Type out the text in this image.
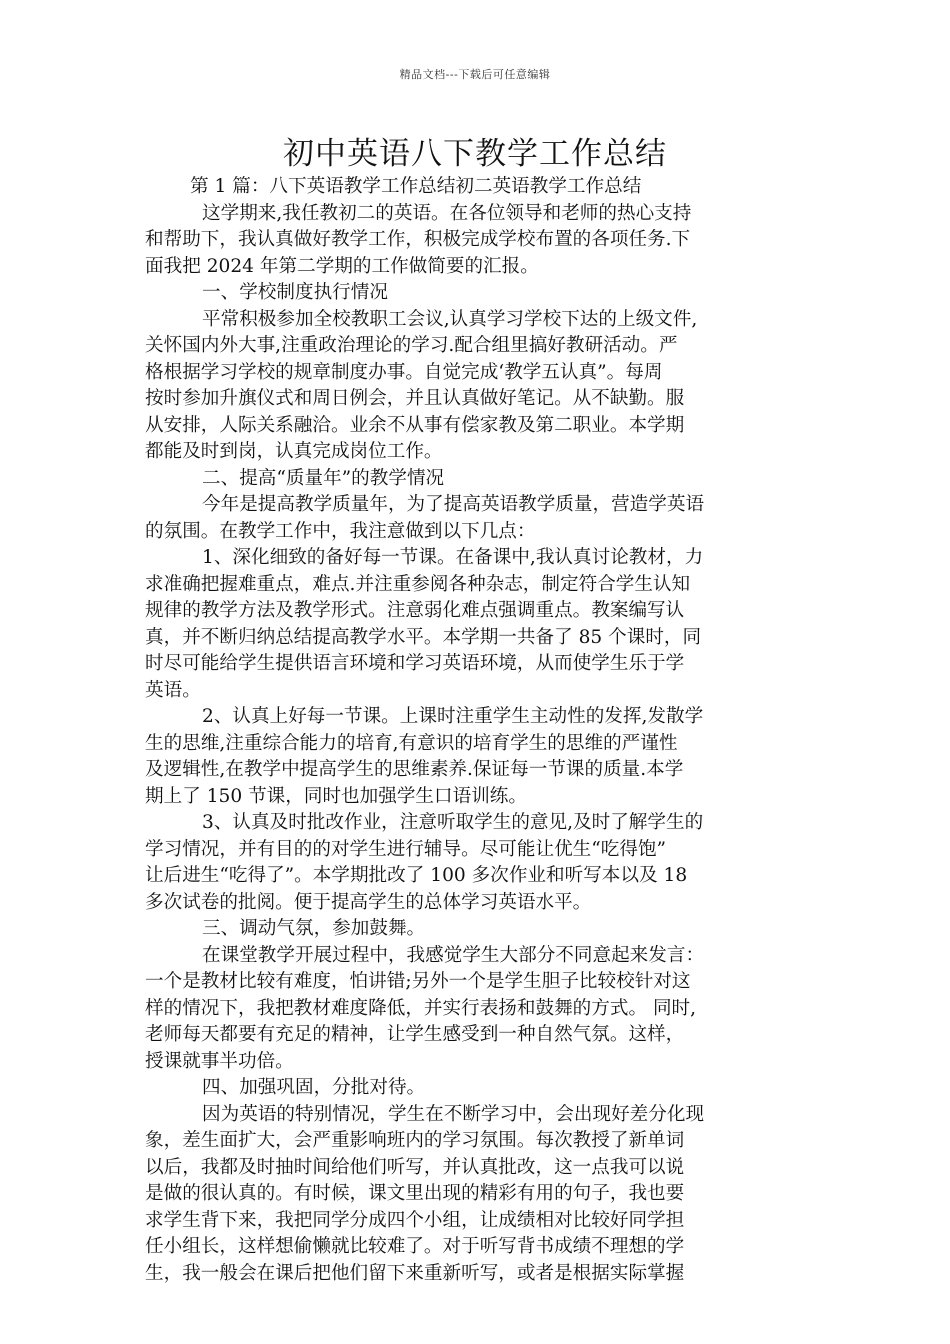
精品文档---下载后可任意编辑
初中英语八下教学工作总结
第 1 篇：八下英语教学工作总结初二英语教学工作总结
这学期来,我任教初二的英语。在各位领导和老师的热心支持
和帮助下，我认真做好教学工作，积极完成学校布置的各项任务.下
面我把 2024 年第二学期的工作做简要的汇报。
一、学校制度执行情况
平常积极参加全校教职工会议,认真学习学校下达的上级文件,
关怀国内外大事,注重政治理论的学习.配合组里搞好教研活动。严
格根据学习学校的规章制度办事。自觉完成‘教学五认真”。每周
按时参加升旗仪式和周日例会，并且认真做好笔记。从不缺勤。服
从安排，人际关系融洽。业余不从事有偿家教及第二职业。本学期
都能及时到岗，认真完成岗位工作。
二、提高“质量年”的教学情况
今年是提高教学质量年，为了提高英语教学质量，营造学英语
的氛围。在教学工作中，我注意做到以下几点：
1、深化细致的备好每一节课。在备课中,我认真讨论教材，力
求准确把握难重点，难点.并注重参阅各种杂志，制定符合学生认知
规律的教学方法及教学形式。注意弱化难点强调重点。教案编写认
真，并不断归纳总结提高教学水平。本学期一共备了 85 个课时，同
时尽可能给学生提供语言环境和学习英语环境，从而使学生乐于学
英语。
2、认真上好每一节课。上课时注重学生主动性的发挥,发散学
生的思维,注重综合能力的培育,有意识的培育学生的思维的严谨性
及逻辑性,在教学中提高学生的思维素养.保证每一节课的质量.本学
期上了 150 节课，同时也加强学生口语训练。
3、认真及时批改作业，注意听取学生的意见,及时了解学生的
学习情况，并有目的的对学生进行辅导。尽可能让优生“吃得饱”
让后进生“吃得了”。本学期批改了 100 多次作业和听写本以及 18
多次试卷的批阅。便于提高学生的总体学习英语水平。
三、调动气氛，参加鼓舞。
在课堂教学开展过程中，我感觉学生大部分不同意起来发言：
一个是教材比较有难度，怕讲错;另外一个是学生胆子比较校针对这
样的情况下，我把教材难度降低，并实行表扬和鼓舞的方式。 同时,
老师每天都要有充足的精神，让学生感受到一种自然气氛。这样，
授课就事半功倍。
四、加强巩固，分批对待。
因为英语的特别情况，学生在不断学习中，会出现好差分化现
象，差生面扩大，会严重影响班内的学习氛围。每次教授了新单词
以后，我都及时抽时间给他们听写，并认真批改，这一点我可以说
是做的很认真的。有时候，课文里出现的精彩有用的句子，我也要
求学生背下来，我把同学分成四个小组，让成绩相对比较好同学担
任小组长，这样想偷懒就比较难了。对于听写背书成绩不理想的学
生，我一般会在课后把他们留下来重新听写，或者是根据实际掌握
